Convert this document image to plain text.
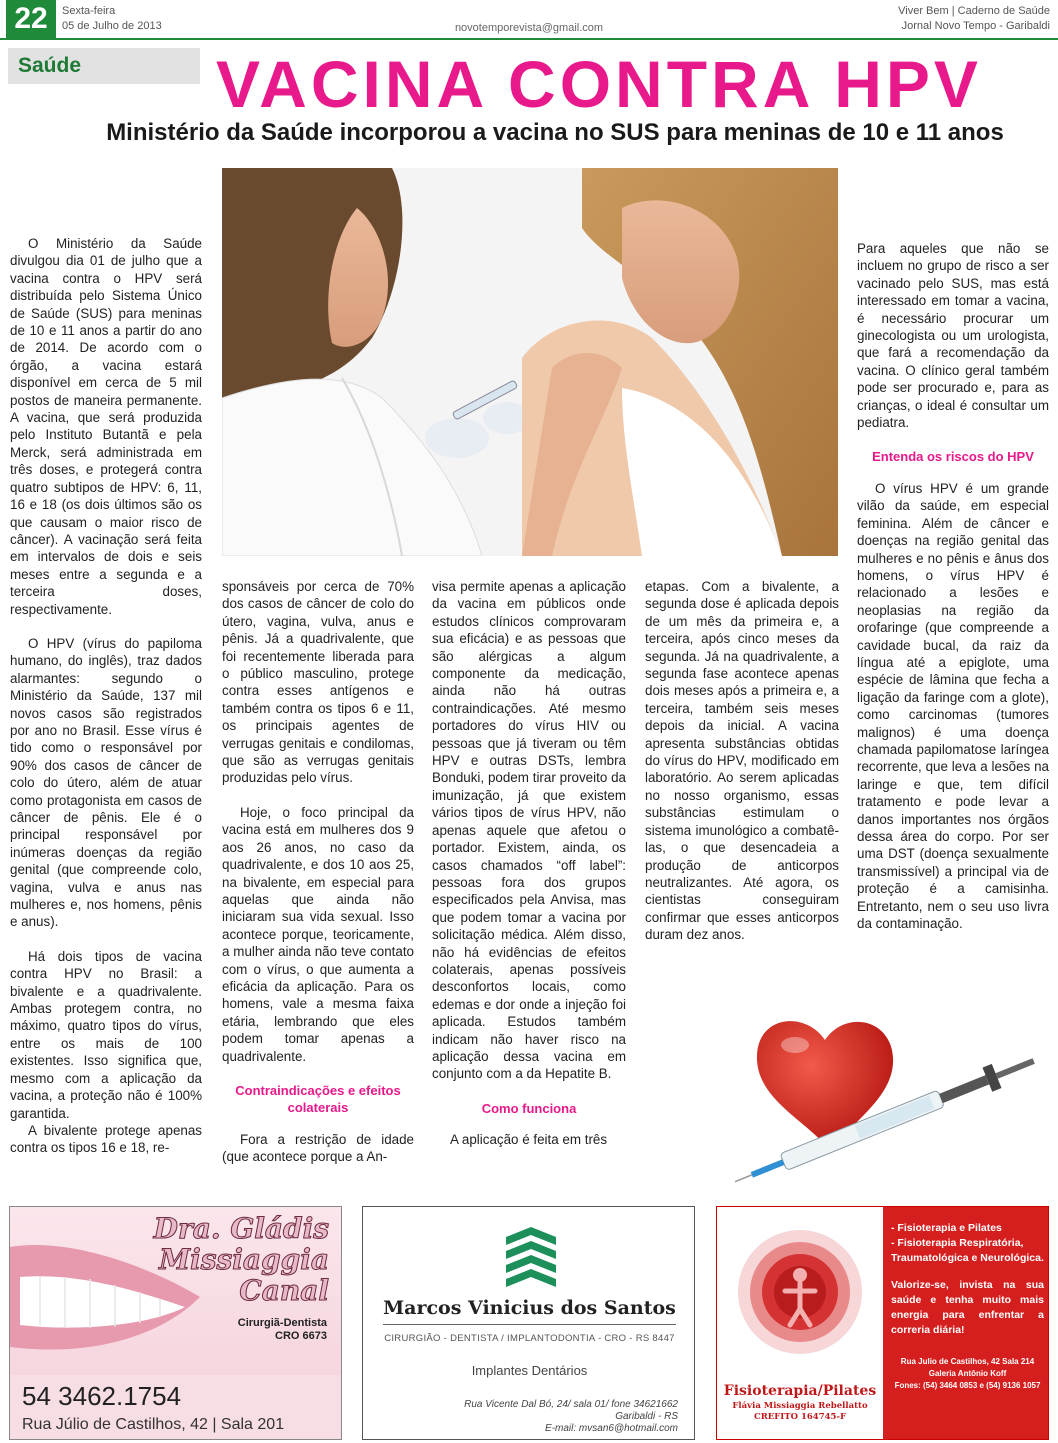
22	Sexta-feira
05 de Julho de 2013	novotemporevista@gmail.com
Viver Bem | Caderno de Saúde
Jornal Novo Tempo - Garibaldi
Saúde	VACINA CONTRA HPV
Ministério da Saúde incorporou a vacina no SUS para meninas de 10 e 11 anos

O Ministério da Saúde divulgou dia 01 de julho que a vacina contra o HPV será distribuída pelo Sistema Único de Saúde (SUS) para meninas de 10 e 11 anos a partir do ano de 2014. De acordo com o órgão, a vacina estará disponível em cerca de 5 mil postos de maneira permanente. A vacina, que será produzida pelo Instituto Butantã e pela Merck, será administrada em três doses, e protegerá contra quatro subtipos de HPV: 6, 11, 16 e 18 (os dois últimos são os que causam o maior risco de câncer). A vacinação será feita em intervalos de dois e seis meses entre a segunda e a terceira doses, respectivamente.

O HPV (vírus do papiloma humano, do inglês), traz dados alarmantes: segundo o Ministério da Saúde, 137 mil novos casos são registrados por ano no Brasil. Esse vírus é tido como o responsável por 90% dos casos de câncer de colo do útero, além de atuar como protagonista em casos de câncer de pênis. Ele é o principal responsável por inúmeras doenças da região genital (que compreende colo, vagina, vulva e anus nas mulheres e, nos homens, pênis e anus).

Há dois tipos de vacina contra HPV no Brasil: a bivalente e a quadrivalente. Ambas protegem contra, no máximo, quatro tipos do vírus, entre os mais de 100 existentes. Isso significa que, mesmo com a aplicação da vacina, a proteção não é 100% garantida.

A bivalente protege apenas contra os tipos 16 e 18, re-

sponsáveis por cerca de 70% dos casos de câncer de colo do útero, vagina, vulva, anus e pênis. Já a quadrivalente, que foi recentemente liberada para o público masculino, protege contra esses antígenos e também contra os tipos 6 e 11, os principais agentes de verrugas genitais e condilomas, que são as verrugas genitais produzidas pelo vírus.

Hoje, o foco principal da vacina está em mulheres dos 9 aos 26 anos, no caso da quadrivalente, e dos 10 aos 25, na bivalente, em especial para aquelas que ainda não iniciaram sua vida sexual. Isso acontece porque, teoricamente, a mulher ainda não teve contato com o vírus, o que aumenta a eficácia da aplicação. Para os homens, vale a mesma faixa etária, lembrando que eles podem tomar apenas a quadrivalente.

Contraindicações e efeitos colaterais

Fora a restrição de idade (que acontece porque a An-

visa permite apenas a aplicação da vacina em públicos onde estudos clínicos comprovaram sua eficácia) e as pessoas que são alérgicas a algum componente da medicação, ainda não há outras contraindicações. Até mesmo portadores do vírus HIV ou pessoas que já tiveram ou têm HPV e outras DSTs, lembra Bonduki, podem tirar proveito da imunização, já que existem vários tipos de vírus HPV, não apenas aquele que afetou o portador. Existem, ainda, os casos chamados “off label”: pessoas fora dos grupos especificados pela Anvisa, mas que podem tomar a vacina por solicitação médica. Além disso, não há evidências de efeitos colaterais, apenas possíveis desconfortos locais, como edemas e dor onde a injeção foi aplicada. Estudos também indicam não haver risco na aplicação dessa vacina em conjunto com a da Hepatite B.

Como funciona

A aplicação é feita em três

etapas. Com a bivalente, a segunda dose é aplicada depois de um mês da primeira e, a terceira, após cinco meses da segunda. Já na quadrivalente, a segunda fase acontece apenas dois meses após a primeira e, a terceira, também seis meses depois da inicial. A vacina apresenta substâncias obtidas do vírus do HPV, modificado em laboratório. Ao serem aplicadas no nosso organismo, essas substâncias estimulam o sistema imunológico a combatê-las, o que desencadeia a produção de anticorpos neutralizantes. Até agora, os cientistas conseguiram confirmar que esses anticorpos duram dez anos.

Para aqueles que não se incluem no grupo de risco a ser vacinado pelo SUS, mas está interessado em tomar a vacina, é necessário procurar um ginecologista ou um urologista, que fará a recomendação da vacina. O clínico geral também pode ser procurado e, para as crianças, o ideal é consultar um pediatra.

Entenda os riscos do HPV

O vírus HPV é um grande vilão da saúde, em especial feminina. Além de câncer e doenças na região genital das mulheres e no pênis e ânus dos homens, o vírus HPV é relacionado a lesões e neoplasias na região da orofaringe (que compreende a cavidade bucal, da raiz da língua até a epiglote, uma espécie de lâmina que fecha a ligação da faringe com a glote), como carcinomas (tumores malignos) é uma doença chamada papilomatose laríngea recorrente, que leva a lesões na laringe e que, tem difícil tratamento e pode levar a danos importantes nos órgãos dessa área do corpo. Por ser uma DST (doença sexualmente transmissível) a principal via de proteção é a camisinha. Entretanto, nem o seu uso livra da contaminação.

Dra. Gládis
Missiaggia
Canal
Cirurgiã-Dentista
CRO 6673
54 3462.1754
Rua Júlio de Castilhos, 42 | Sala 201
Marcos Vinicius dos Santos
CIRURGIÃO - DENTISTA / IMPLANTODONTIA - CRO - RS 8447
Implantes Dentários
Rua Vicente Dal Bó, 24/ sala 01/ fone 34621662
Garibaldi - RS
E-mail: mvsan6@hotmail.com
Fisioterapia/Pilates
Flávia Missiaggia Rebellatto
CREFITO 164745-F
- Fisioterapia e Pilates
- Fisioterapia Respiratória, Traumatológica e Neurológica.
Valorize-se, invista na sua saúde e tenha muito mais energia para enfrentar a correria diária!
Rua Julio de Castilhos, 42 Sala 214
Galeria Antônio Koff
Fones: (54) 3464 0853 e (54) 9136 1057
